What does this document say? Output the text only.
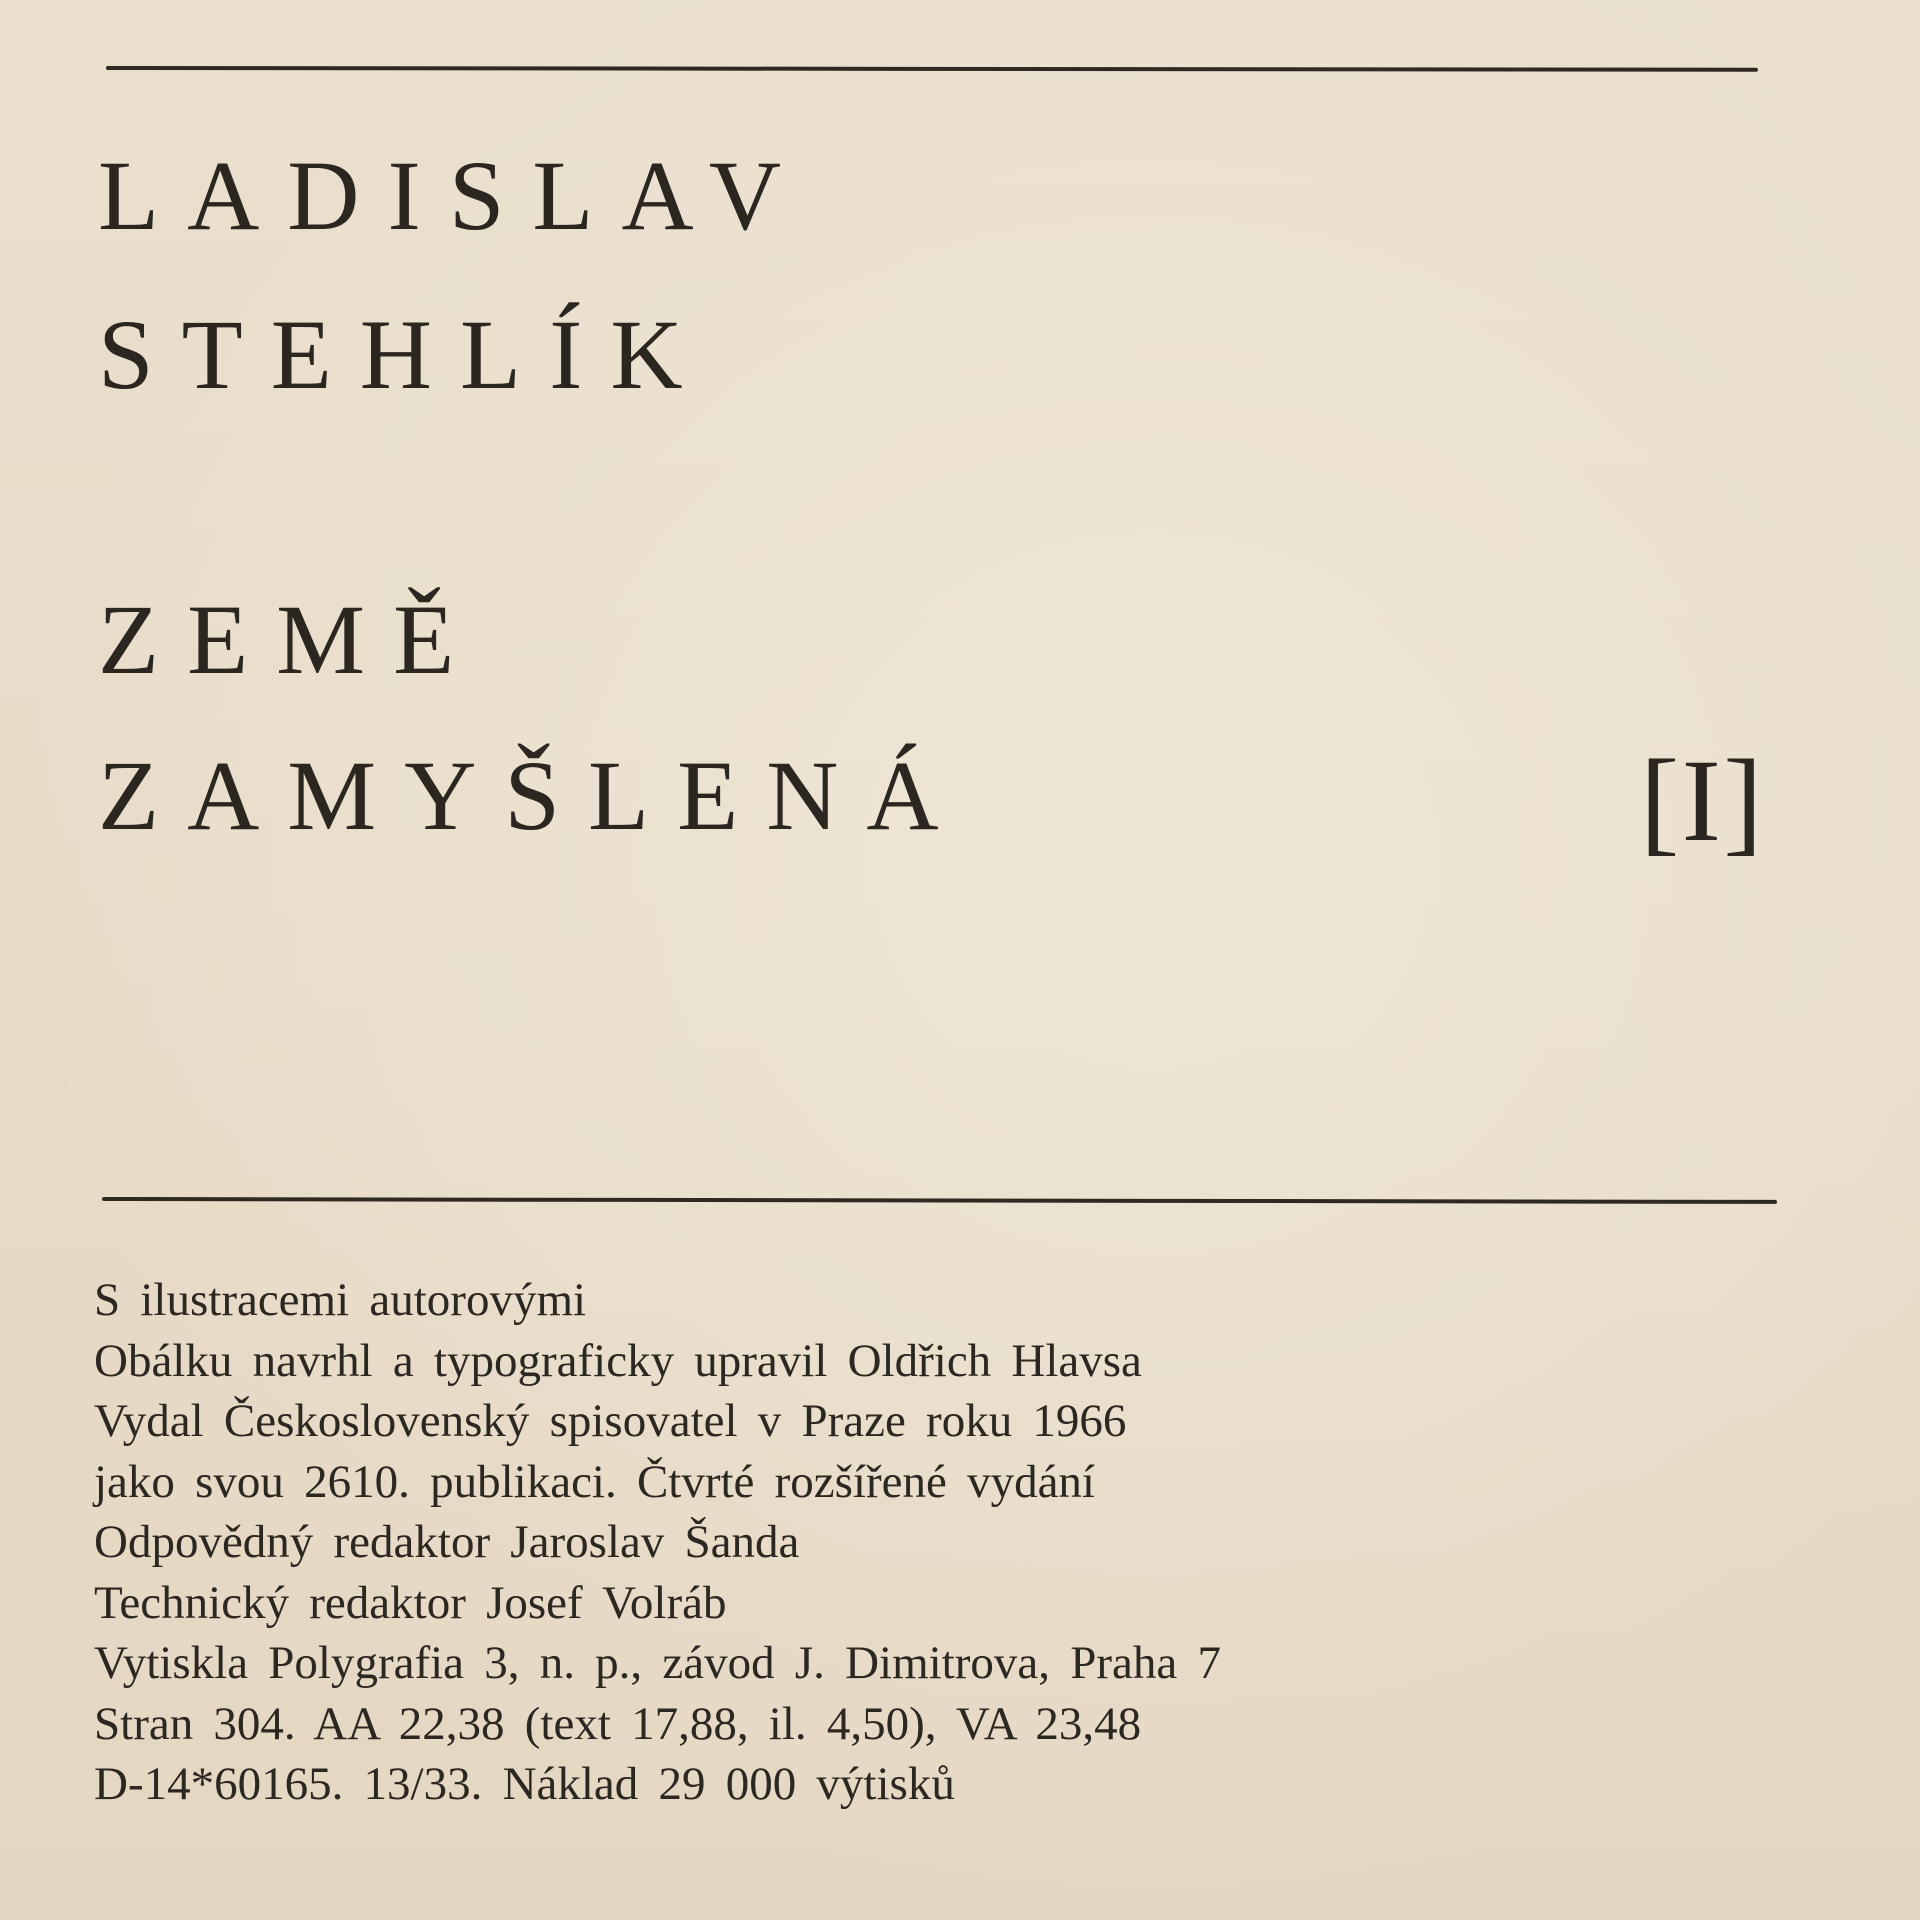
LADISLAV
STEHLÍK
ZEMĚ
ZAMYŠLENÁ	[I]
S ilustracemi autorovými
Obálku navrhl a typograficky upravil Oldřich Hlavsa
Vydal Československý spisovatel v Praze roku 1966
jako svou 2610. publikaci. Čtvrté rozšířené vydání
Odpovědný redaktor Jaroslav Šanda
Technický redaktor Josef Volráb
Vytiskla Polygrafia 3, n. p., závod J. Dimitrova, Praha 7
Stran 304. AA 22,38 (text 17,88, il. 4,50), VA 23,48
D-14*60165. 13/33. Náklad 29 000 výtisků
